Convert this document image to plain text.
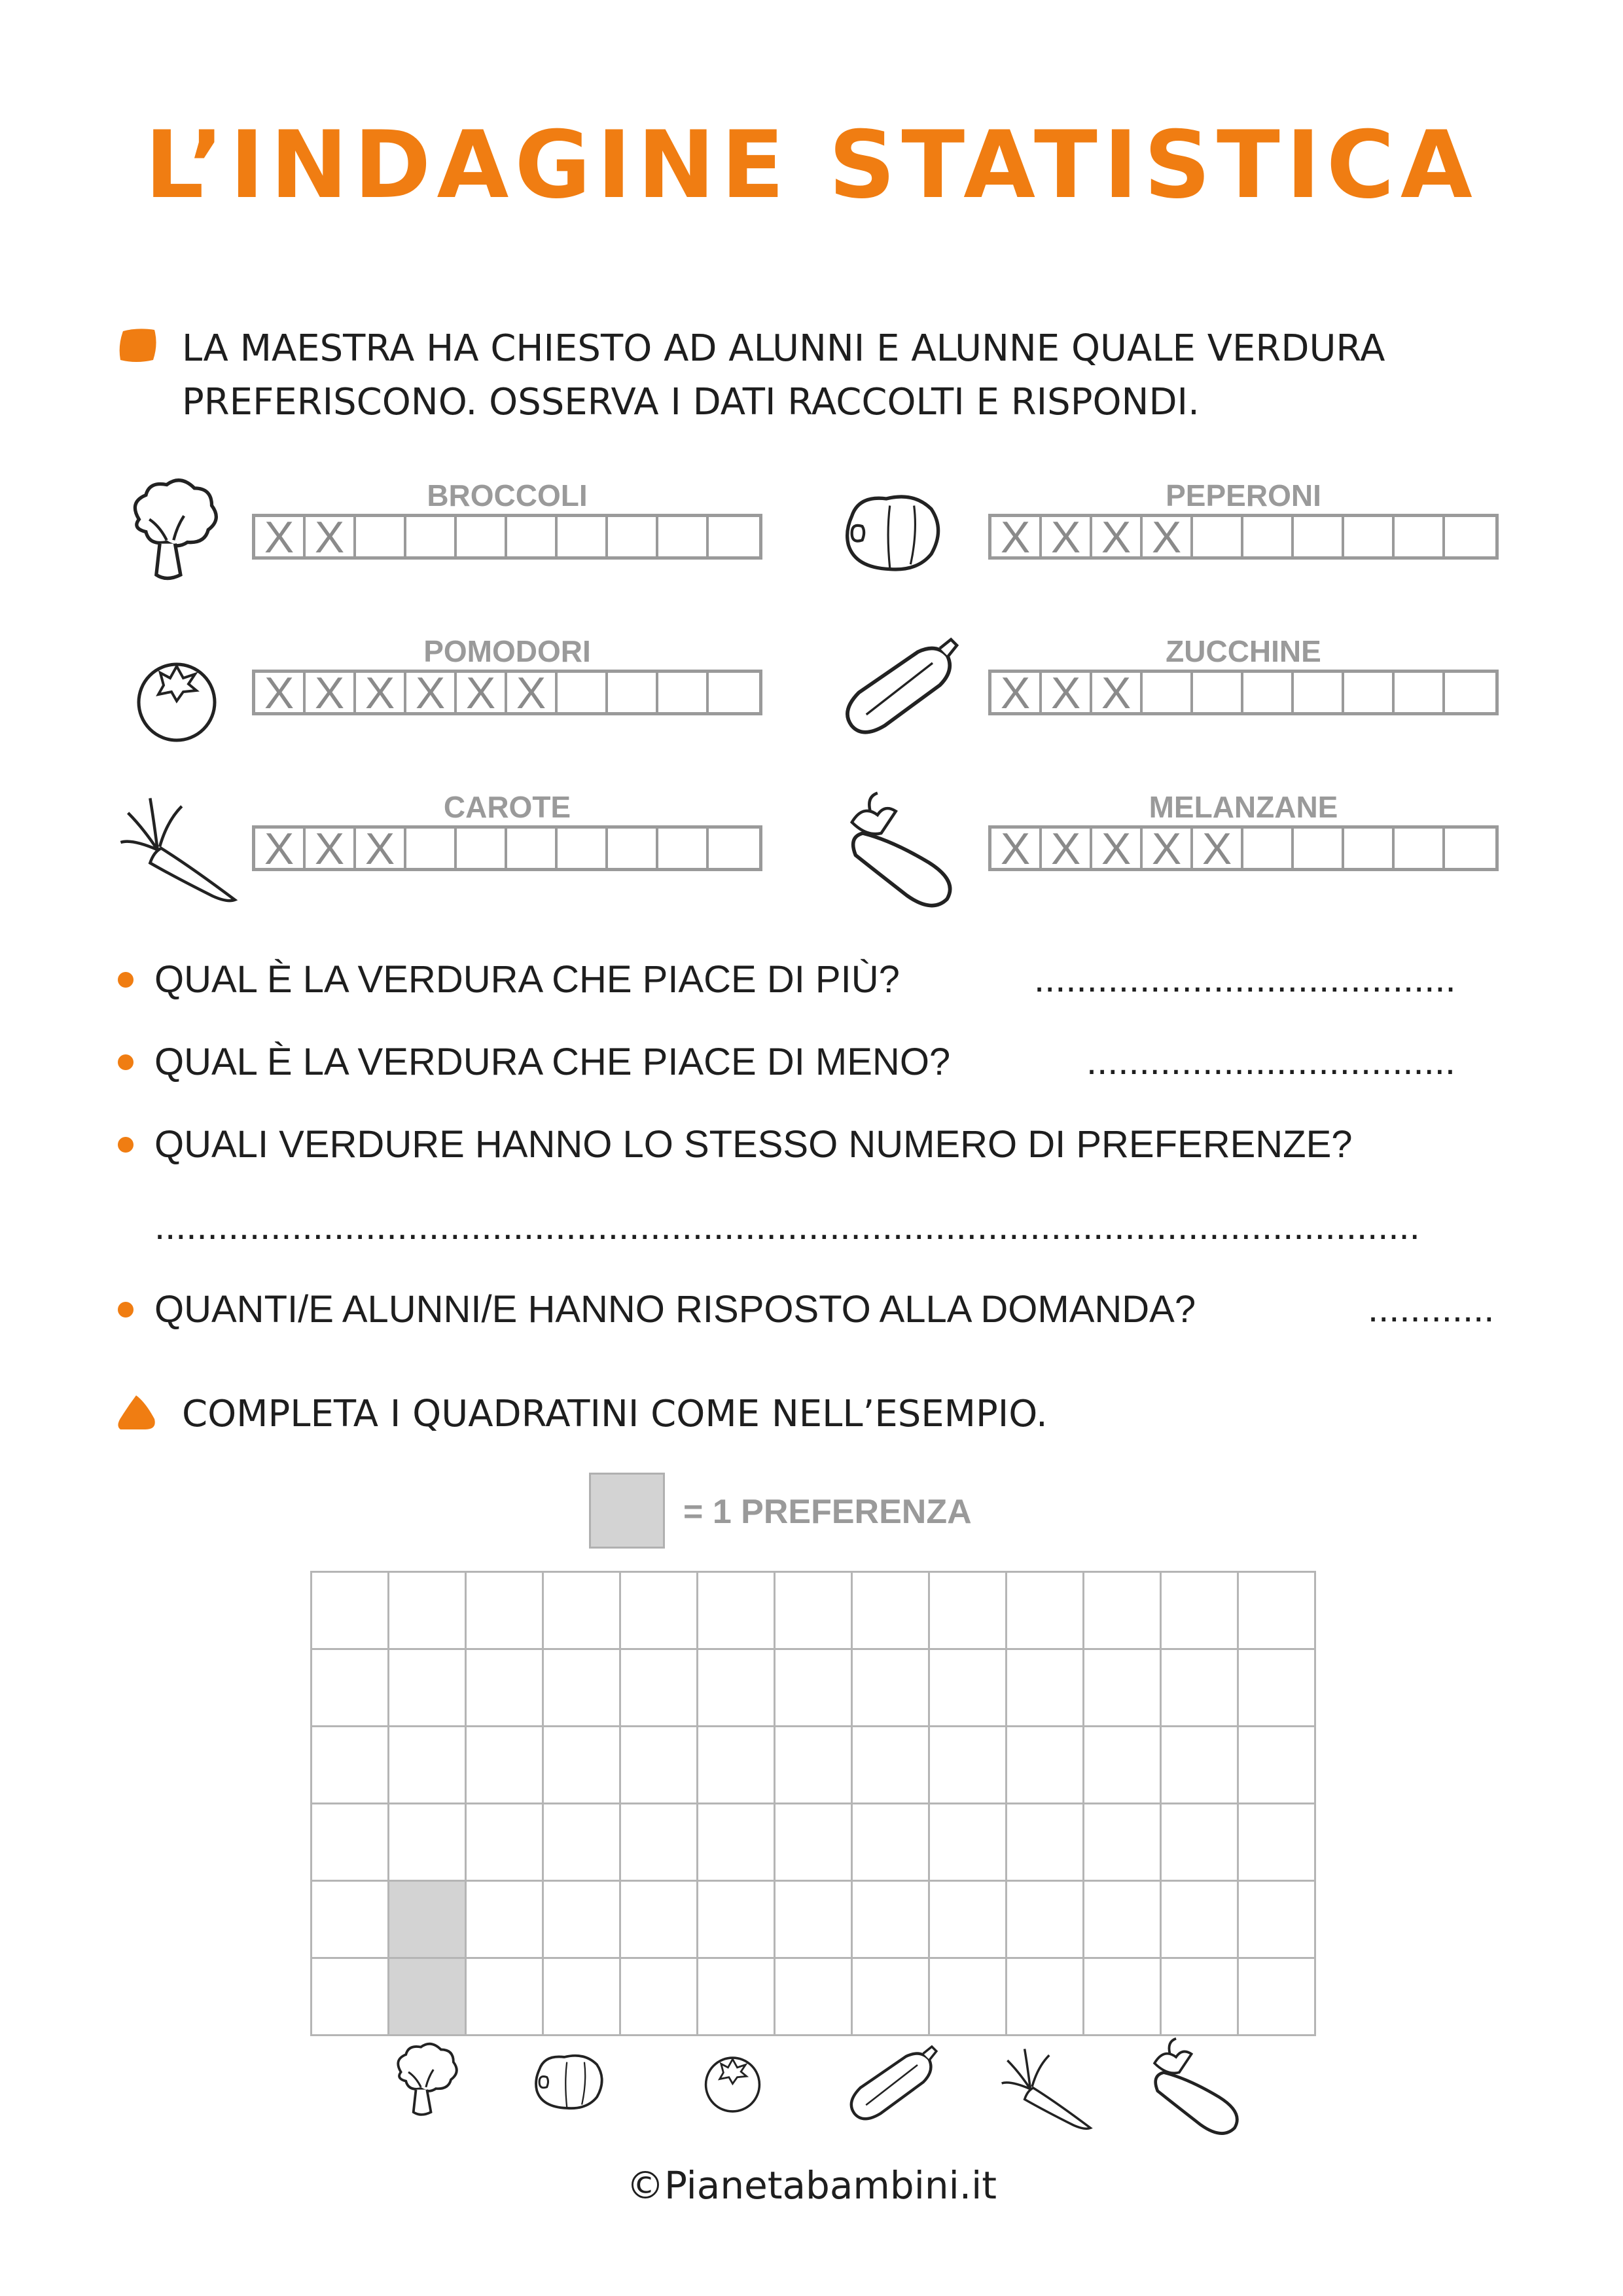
L’INDAGINE STATISTICA
LA MAESTRA HA CHIESTO AD ALUNNI E ALUNNE QUALE VERDURA
PREFERISCONO. OSSERVA I DATI RACCOLTI E RISPONDI.
BROCCOLI
X X
PEPERONI
X X X X
POMODORI
X X X X X X
ZUCCHINE
X X X
CAROTE
X X X
MELANZANE
X X X X X
QUAL È LA VERDURA CHE PIACE DI PIÙ?	........................................
QUAL È LA VERDURA CHE PIACE DI MENO?	...................................
QUALI VERDURE HANNO LO STESSO NUMERO DI PREFERENZE?
........................................................................................................................
QUANTI/E ALUNNI/E HANNO RISPOSTO ALLA DOMANDA?	............
COMPLETA I QUADRATINI COME NELL’ESEMPIO.
= 1 PREFERENZA
©Pianetabambini.it
